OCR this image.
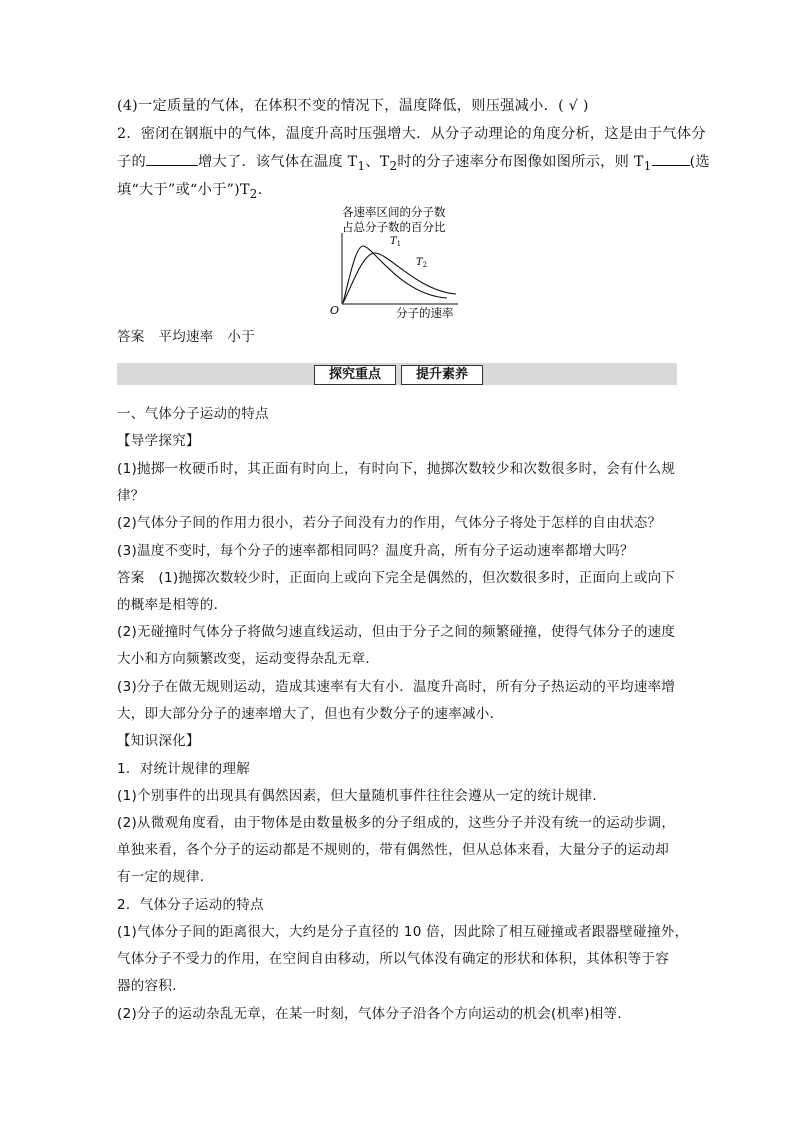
(4)一定质量的气体，在体积不变的情况下，温度降低，则压强减小．( √ )
2．密闭在钢瓶中的气体，温度升高时压强增大．从分子动理论的角度分析，这是由于气体分
子的	增大了．该气体在温度 $T_1$、$T_2$时的分子速率分布图像如图所示，则 $T_1$	(选
填“大于”或“小于$”)T_2$.
各速率区间的分子数
占总分子数的百分比
$T_1$
$T_2$
O	分子的速率
答案　平均速率　小于
探究重点	提升素养
一、气体分子运动的特点
【导学探究】
(1)抛掷一枚硬币时，其正面有时向上，有时向下，抛掷次数较少和次数很多时，会有什么规
律？
(2)气体分子间的作用力很小，若分子间没有力的作用，气体分子将处于怎样的自由状态？
(3)温度不变时，每个分子的速率都相同吗？温度升高，所有分子运动速率都增大吗？
答案　(1)抛掷次数较少时，正面向上或向下完全是偶然的，但次数很多时，正面向上或向下
的概率是相等的．
(2)无碰撞时气体分子将做匀速直线运动，但由于分子之间的频繁碰撞，使得气体分子的速度
大小和方向频繁改变，运动变得杂乱无章．
(3)分子在做无规则运动，造成其速率有大有小．温度升高时，所有分子热运动的平均速率增
大，即大部分分子的速率增大了，但也有少数分子的速率减小．
【知识深化】
1．对统计规律的理解
(1)个别事件的出现具有偶然因素，但大量随机事件往往会遵从一定的统计规律．
(2)从微观角度看，由于物体是由数量极多的分子组成的，这些分子并没有统一的运动步调，
单独来看，各个分子的运动都是不规则的，带有偶然性，但从总体来看，大量分子的运动却
有一定的规律．
2．气体分子运动的特点
(1)气体分子间的距离很大，大约是分子直径的 10 倍，因此除了相互碰撞或者跟器壁碰撞外，
气体分子不受力的作用，在空间自由移动，所以气体没有确定的形状和体积，其体积等于容
器的容积．
(2)分子的运动杂乱无章，在某一时刻，气体分子沿各个方向运动的机会(机率)相等．
